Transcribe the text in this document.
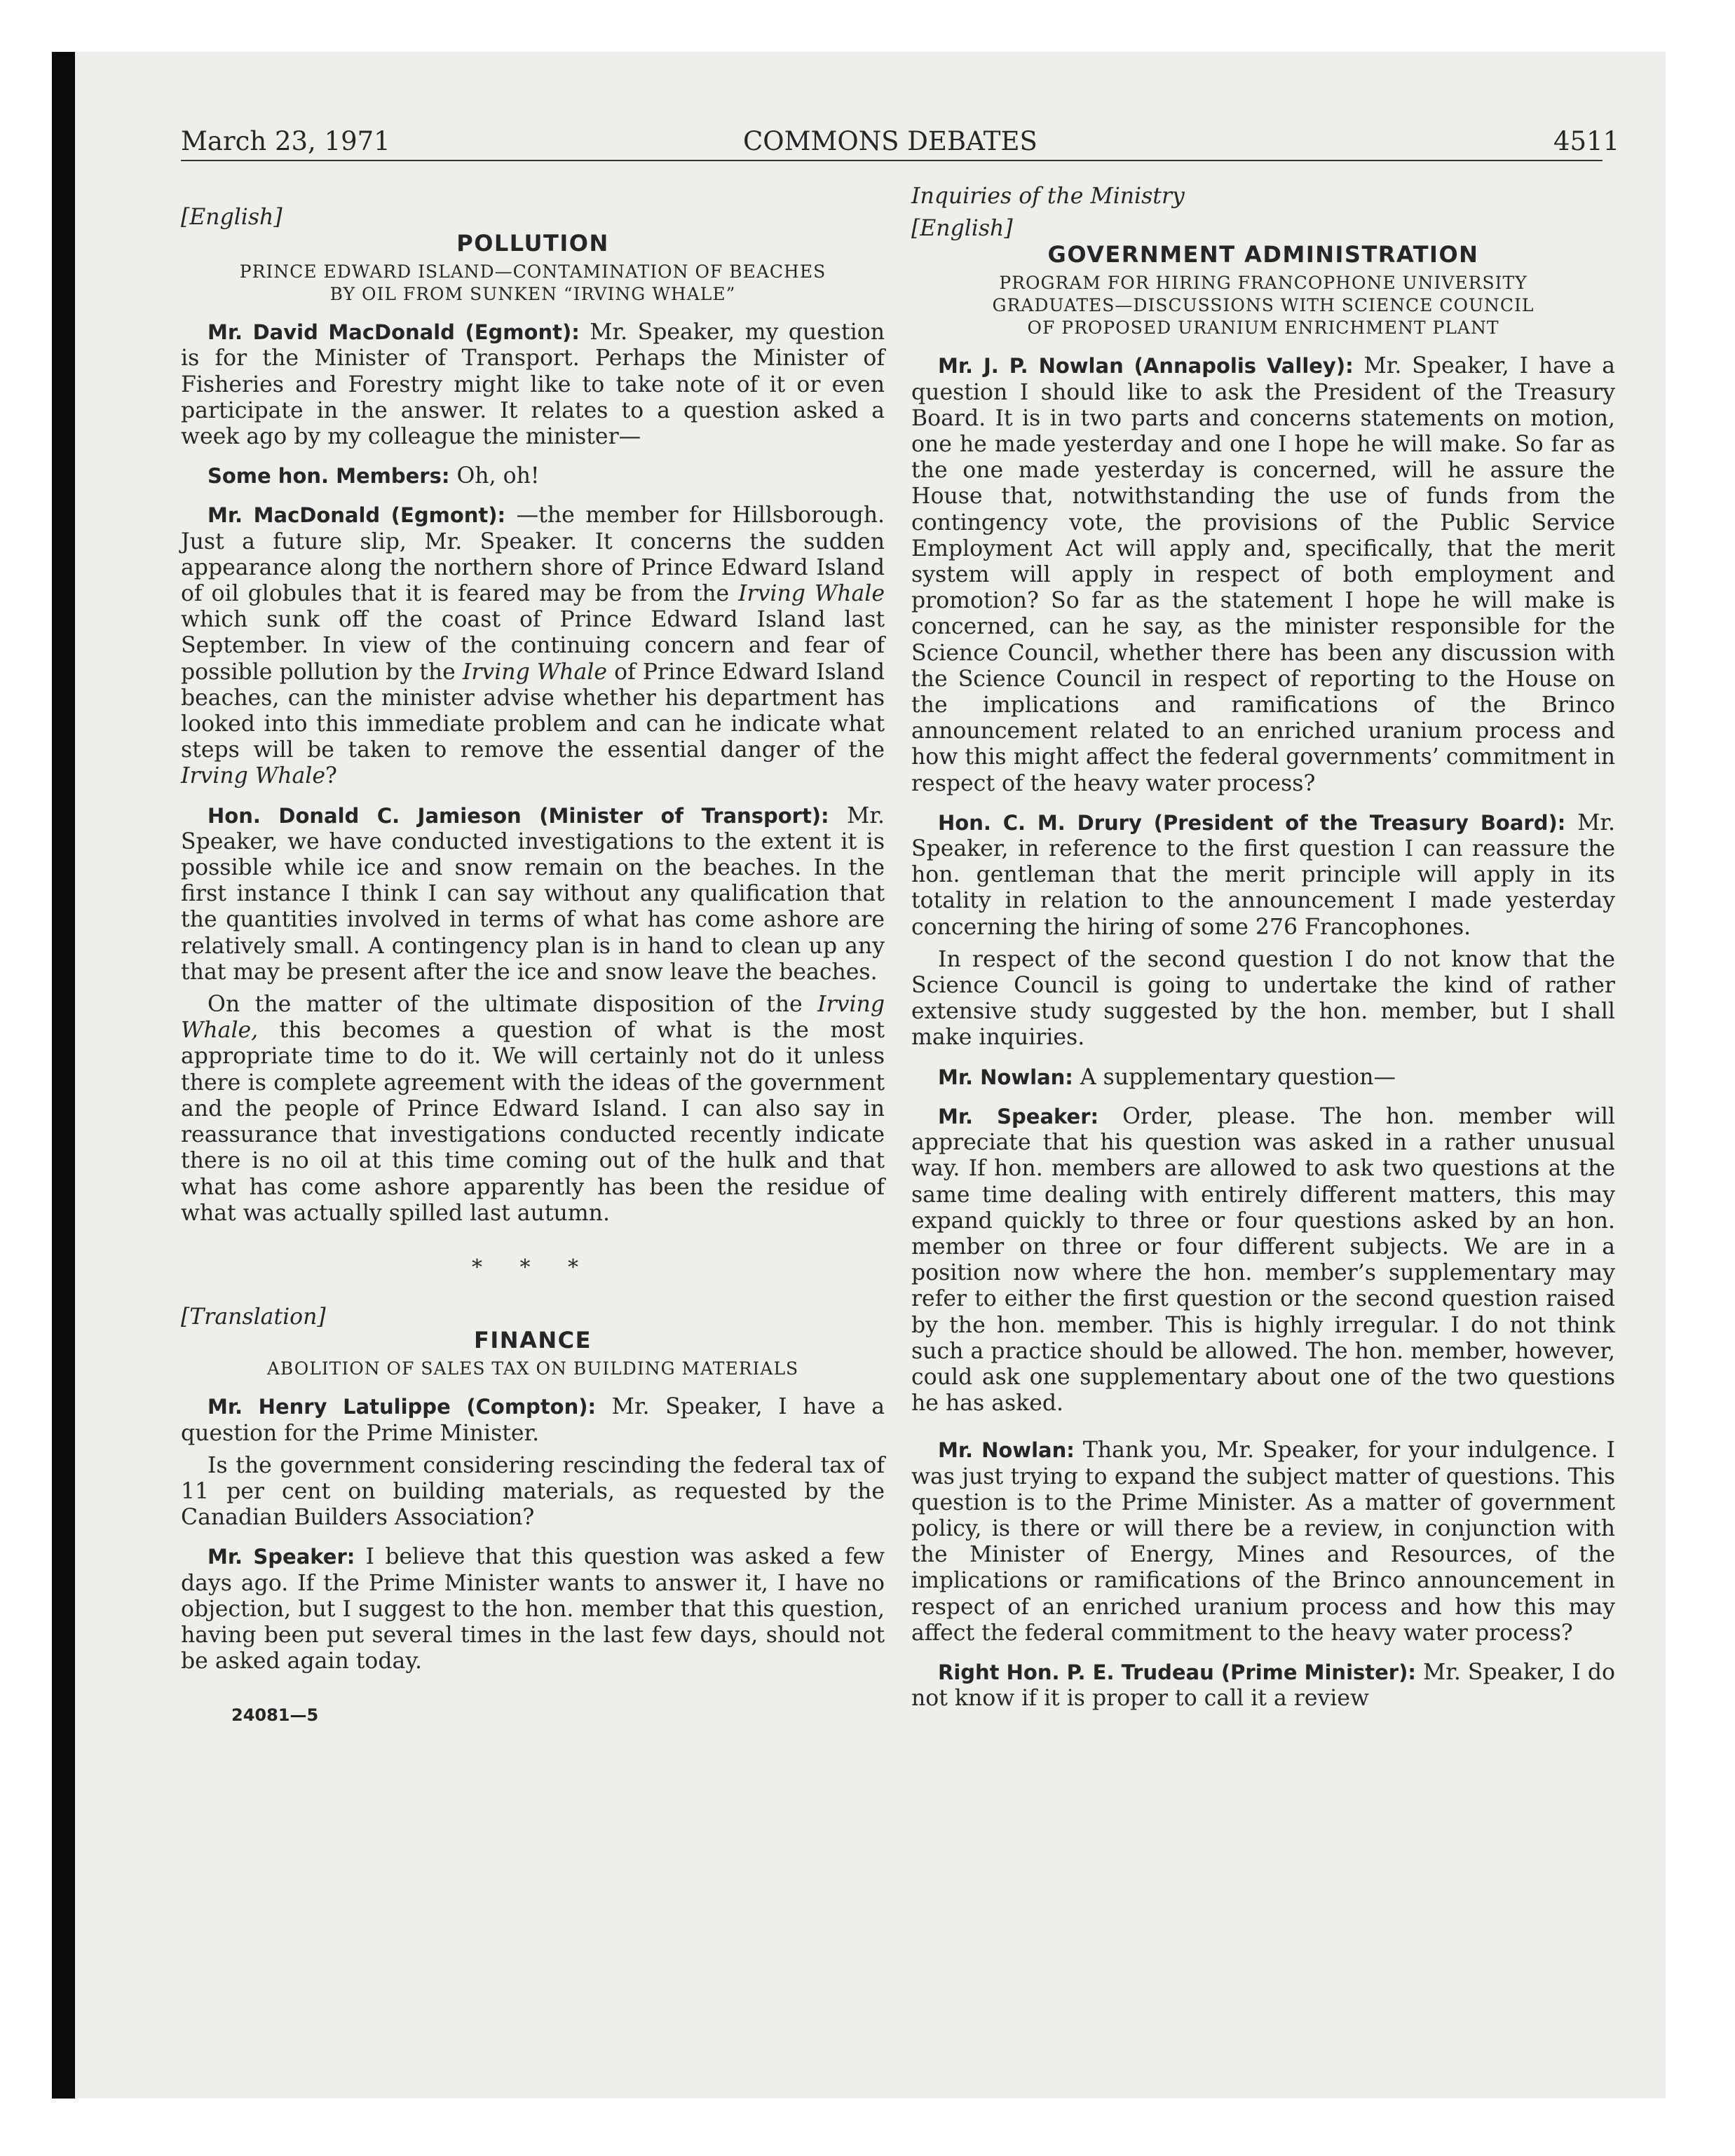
March 23, 1971	COMMONS DEBATES	4511

[English]

POLLUTION
PRINCE EDWARD ISLAND—CONTAMINATION OF BEACHES
BY OIL FROM SUNKEN “IRVING WHALE”

Mr. David MacDonald (Egmont): Mr. Speaker, my question is for the Minister of Transport. Perhaps the Minister of Fisheries and Forestry might like to take note of it or even participate in the answer. It relates to a question asked a week ago by my colleague the minister—

Some hon. Members: Oh, oh!

Mr. MacDonald (Egmont): —the member for Hillsborough. Just a future slip, Mr. Speaker. It concerns the sudden appearance along the northern shore of Prince Edward Island of oil globules that it is feared may be from the Irving Whale which sunk off the coast of Prince Edward Island last September. In view of the continuing concern and fear of possible pollution by the Irving Whale of Prince Edward Island beaches, can the minister advise whether his department has looked into this immediate problem and can he indicate what steps will be taken to remove the essential danger of the Irving Whale?

Hon. Donald C. Jamieson (Minister of Transport): Mr. Speaker, we have conducted investigations to the extent it is possible while ice and snow remain on the beaches. In the first instance I think I can say without any qualification that the quantities involved in terms of what has come ashore are relatively small. A contingency plan is in hand to clean up any that may be present after the ice and snow leave the beaches.

On the matter of the ultimate disposition of the Irving Whale, this becomes a question of what is the most appropriate time to do it. We will certainly not do it unless there is complete agreement with the ideas of the government and the people of Prince Edward Island. I can also say in reassurance that investigations conducted recently indicate there is no oil at this time coming out of the hulk and that what has come ashore apparently has been the residue of what was actually spilled last autumn.

* * *

[Translation]

FINANCE
ABOLITION OF SALES TAX ON BUILDING MATERIALS

Mr. Henry Latulippe (Compton): Mr. Speaker, I have a question for the Prime Minister.

Is the government considering rescinding the federal tax of 11 per cent on building materials, as requested by the Canadian Builders Association?

Mr. Speaker: I believe that this question was asked a few days ago. If the Prime Minister wants to answer it, I have no objection, but I suggest to the hon. member that this question, having been put several times in the last few days, should not be asked again today.

24081—5

Inquiries of the Ministry

[English]

GOVERNMENT ADMINISTRATION
PROGRAM FOR HIRING FRANCOPHONE UNIVERSITY
GRADUATES—DISCUSSIONS WITH SCIENCE COUNCIL
OF PROPOSED URANIUM ENRICHMENT PLANT

Mr. J. P. Nowlan (Annapolis Valley): Mr. Speaker, I have a question I should like to ask the President of the Treasury Board. It is in two parts and concerns statements on motion, one he made yesterday and one I hope he will make. So far as the one made yesterday is concerned, will he assure the House that, notwithstanding the use of funds from the contingency vote, the provisions of the Public Service Employment Act will apply and, specifically, that the merit system will apply in respect of both employment and promotion? So far as the statement I hope he will make is concerned, can he say, as the minister responsible for the Science Council, whether there has been any discussion with the Science Council in respect of reporting to the House on the implications and ramifications of the Brinco announcement related to an enriched uranium process and how this might affect the federal governments’ commitment in respect of the heavy water process?

Hon. C. M. Drury (President of the Treasury Board): Mr. Speaker, in reference to the first question I can reassure the hon. gentleman that the merit principle will apply in its totality in relation to the announcement I made yesterday concerning the hiring of some 276 Francophones.

In respect of the second question I do not know that the Science Council is going to undertake the kind of rather extensive study suggested by the hon. member, but I shall make inquiries.

Mr. Nowlan: A supplementary question—

Mr. Speaker: Order, please. The hon. member will appreciate that his question was asked in a rather unusual way. If hon. members are allowed to ask two questions at the same time dealing with entirely different matters, this may expand quickly to three or four questions asked by an hon. member on three or four different subjects. We are in a position now where the hon. member’s supplementary may refer to either the first question or the second question raised by the hon. member. This is highly irregular. I do not think such a practice should be allowed. The hon. member, however, could ask one supplementary about one of the two questions he has asked.

Mr. Nowlan: Thank you, Mr. Speaker, for your indulgence. I was just trying to expand the subject matter of questions. This question is to the Prime Minister. As a matter of government policy, is there or will there be a review, in conjunction with the Minister of Energy, Mines and Resources, of the implications or ramifications of the Brinco announcement in respect of an enriched uranium process and how this may affect the federal commitment to the heavy water process?

Right Hon. P. E. Trudeau (Prime Minister): Mr. Speaker, I do not know if it is proper to call it a review
